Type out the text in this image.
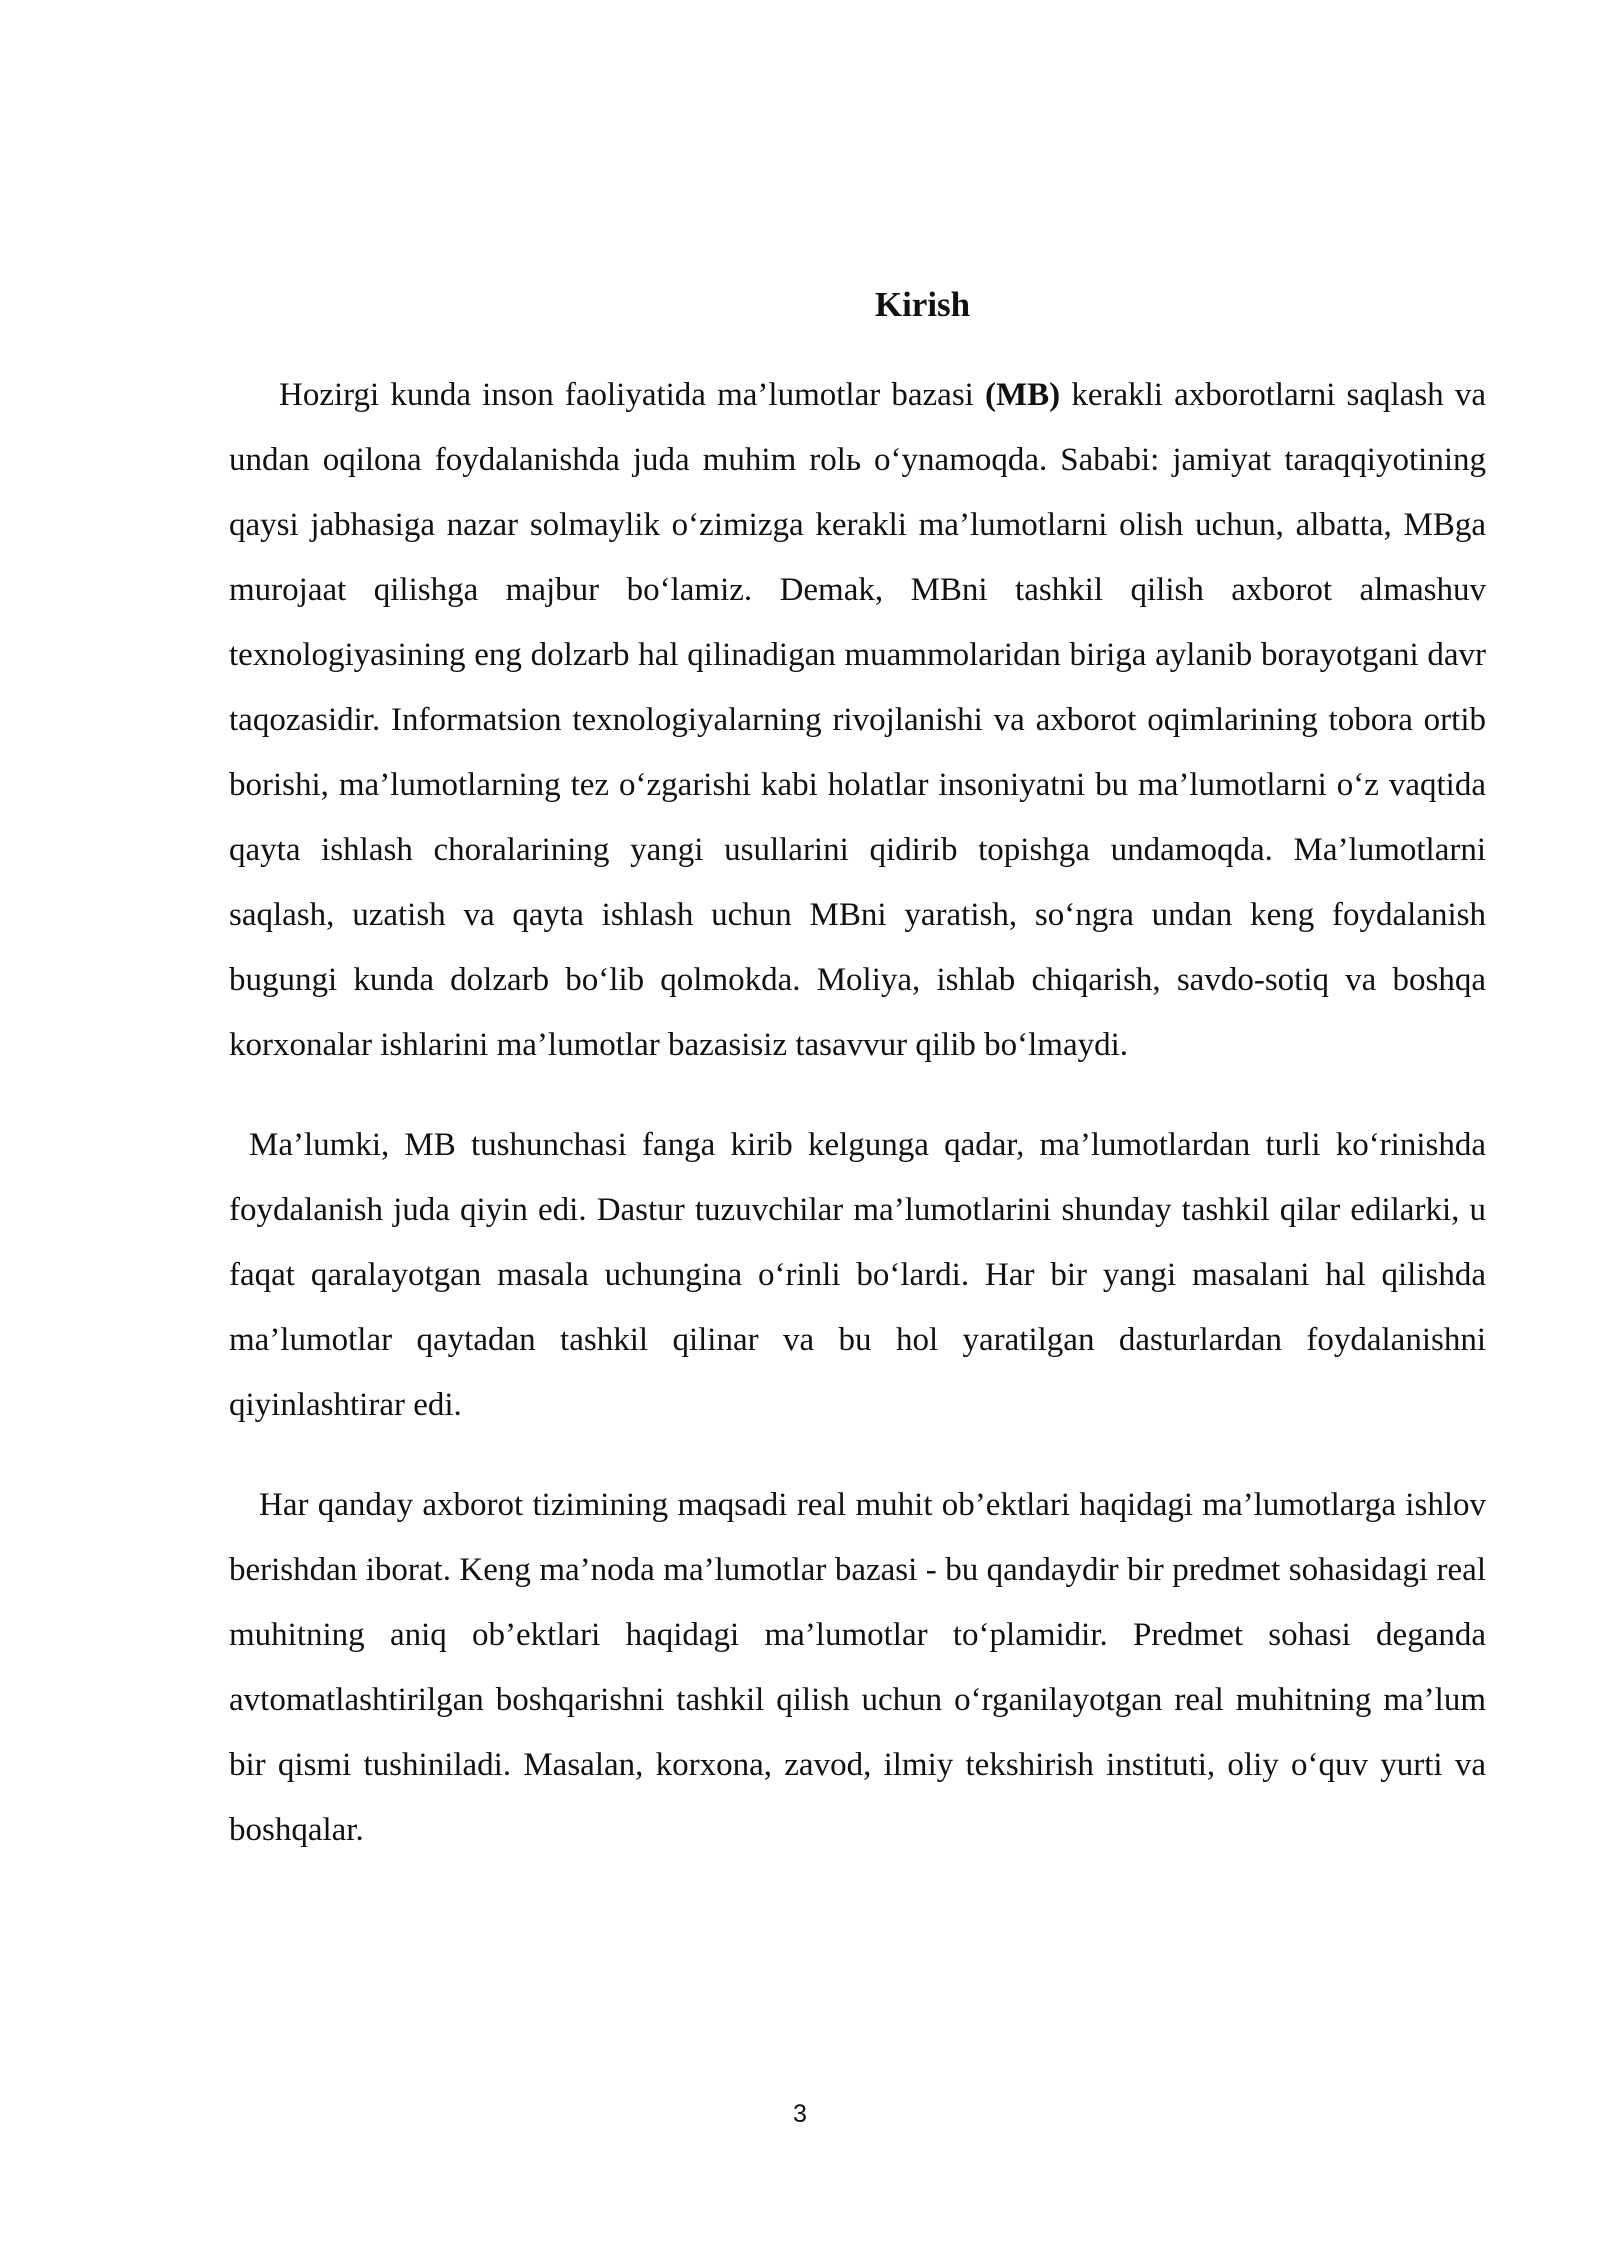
Kirish

Hozirgi kunda inson faoliyatida ma’lumotlar bazasi (MB) kerakli axborotlarni saqlash va undan oqilona foydalanishda juda muhim rolь o‘ynamoqda. Sababi: jamiyat taraqqiyotining qaysi jabhasiga nazar solmaylik o‘zimizga kerakli ma’lumotlarni olish uchun, albatta, MBga murojaat qilishga majbur bo‘lamiz. Demak, MBni tashkil qilish axborot almashuv texnologiyasining eng dolzarb hal qilinadigan muammolaridan biriga aylanib borayotgani davr taqozasidir. Informatsion texnologiyalarning rivojlanishi va axborot oqimlarining tobora ortib borishi, ma’lumotlarning tez o‘zgarishi kabi holatlar insoniyatni bu ma’lumotlarni o‘z vaqtida qayta ishlash choralarining yangi usullarini qidirib topishga undamoqda. Ma’lumotlarni saqlash, uzatish va qayta ishlash uchun MBni yaratish, so‘ngra undan keng foydalanish bugungi kunda dolzarb bo‘lib qolmokda. Moliya, ishlab chiqarish, savdo-sotiq va boshqa korxonalar ishlarini ma’lumotlar bazasisiz tasavvur qilib bo‘lmaydi.

Ma’lumki, MB tushunchasi fanga kirib kelgunga qadar, ma’lumotlardan turli ko‘rinishda foydalanish juda qiyin edi. Dastur tuzuvchilar ma’lumotlarini shunday tashkil qilar edilarki, u faqat qaralayotgan masala uchungina o‘rinli bo‘lardi. Har bir yangi masalani hal qilishda ma’lumotlar qaytadan tashkil qilinar va bu hol yaratilgan dasturlardan foydalanishni qiyinlashtirar edi.

Har qanday axborot tizimining maqsadi real muhit ob’ektlari haqidagi ma’lumotlarga ishlov berishdan iborat. Keng ma’noda ma’lumotlar bazasi - bu qandaydir bir predmet sohasidagi real muhitning aniq ob’ektlari haqidagi ma’lumotlar to‘plamidir. Predmet sohasi deganda avtomatlashtirilgan boshqarishni tashkil qilish uchun o‘rganilayotgan real muhitning ma’lum bir qismi tushiniladi. Masalan, korxona, zavod, ilmiy tekshirish instituti, oliy o‘quv yurti va boshqalar.

3
